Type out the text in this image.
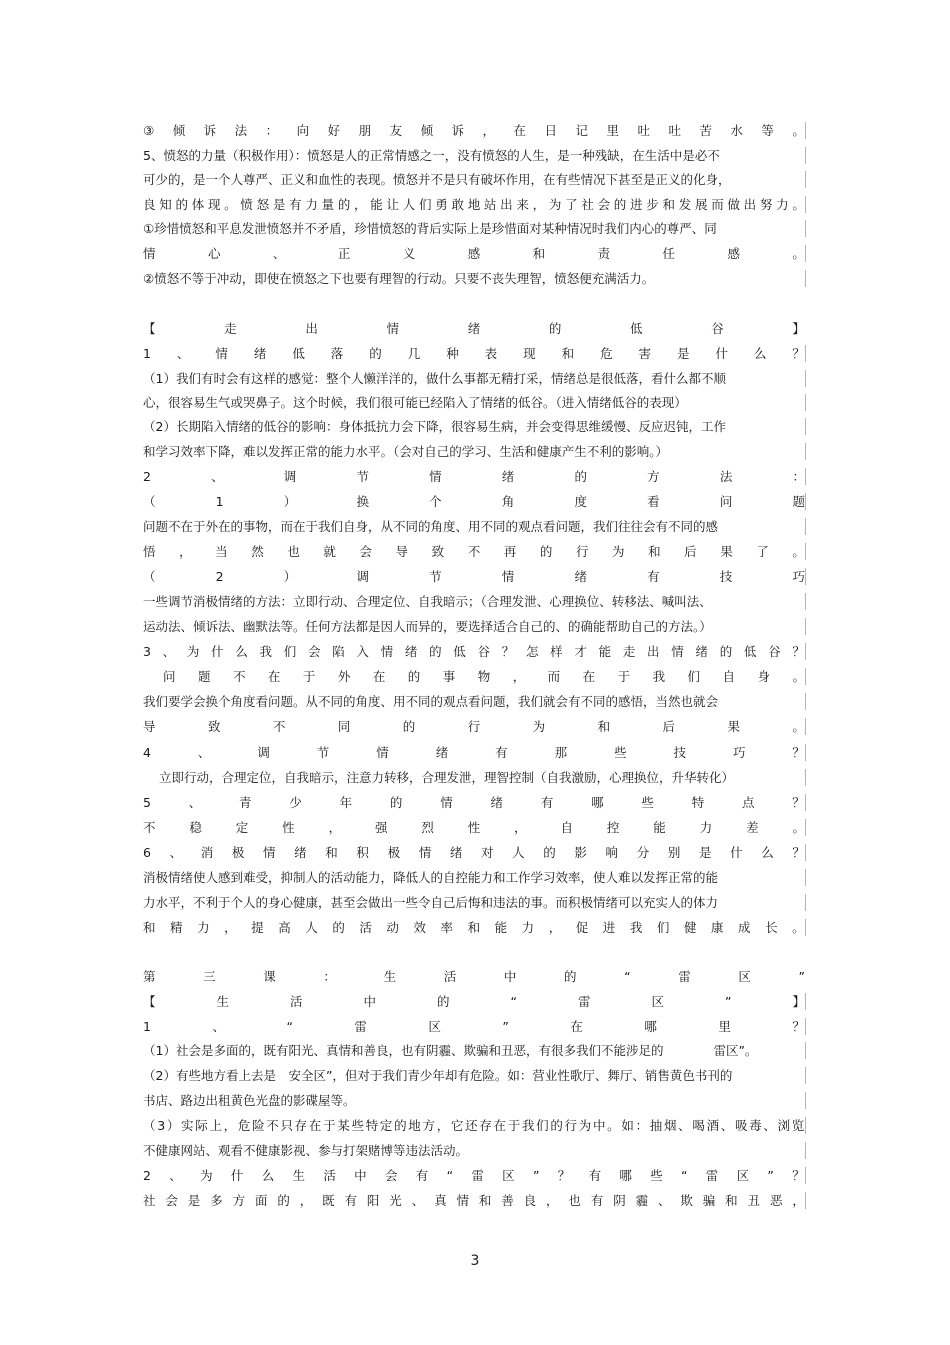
③ 倾 诉 法 ： 向 好 朋 友 倾 诉 ， 在 日 记 里 吐 吐 苦 水 等 。
5、愤怒的力量（积极作用）：愤怒是人的正常情感之一，没有愤怒的人生，是一种残缺，在生活中是必不
可少的，是一个人尊严、正义和血性的表现。愤怒并不是只有破坏作用，在有些情况下甚至是正义的化身，
良 知 的 体 现 。 愤 怒 是 有 力 量 的 ， 能 让 人 们 勇 敢 地 站 出 来 ， 为 了 社 会 的 进 步 和 发 展 而 做 出 努 力 。
①珍惜愤怒和平息发泄愤怒并不矛盾，珍惜愤怒的背后实际上是珍惜面对某种情况时我们内心的尊严、同
情	心	、	正	义	感	和	责	任	感	。
②愤怒不等于冲动，即使在愤怒之下也要有理智的行动。只要不丧失理智，愤怒便充满活力。
【	走	出	情	绪	的	低	谷	】
1 、 情 绪 低 落 的 几 种 表 现 和 危 害 是 什 么 ？
（1）我们有时会有这样的感觉：整个人懒洋洋的，做什么事都无精打采，情绪总是很低落，看什么都不顺
心，很容易生气或哭鼻子。这个时候，我们很可能已经陷入了情绪的低谷。（进入情绪低谷的表现）
（2）长期陷入情绪的低谷的影响：身体抵抗力会下降，很容易生病，并会变得思维缓慢、反应迟钝，工作
和学习效率下降，难以发挥正常的能力水平。（会对自己的学习、生活和健康产生不利的影响。）
2	、	调	节	情	绪	的	方	法	：
（	1	）	换	个	角	度	看	问	题
问题不在于外在的事物，而在于我们自身，从不同的角度、用不同的观点看问题，我们往往会有不同的感
悟 ， 当 然 也 就 会 导 致 不 再 的 行 为 和 后 果 了 。
（	2	）	调	节	情	绪	有	技	巧
一些调节消极情绪的方法：立即行动、合理定位、自我暗示；（合理发泄、心理换位、转移法、喊叫法、
运动法、倾诉法、幽默法等。任何方法都是因人而异的，要选择适合自己的、的确能帮助自己的方法。）
3 、 为 什 么 我 们 会 陷 入 情 绪 的 低 谷 ？ 怎 样 才 能 走 出 情 绪 的 低 谷 ？
问 题 不 在 于 外 在 的 事 物 ， 而 在 于 我 们 自 身 。
我们要学会换个角度看问题。从不同的角度、用不同的观点看问题，我们就会有不同的感悟，当然也就会
导	致	不	同	的	行	为	和	后	果	。
4	、	调	节	情	绪	有	那	些	技	巧	？
立即行动，合理定位，自我暗示，注意力转移，合理发泄，理智控制（自我激励，心理换位，升华转化）
5	、	青	少	年	的	情	绪	有	哪	些	特	点	？
不	稳	定	性	，	强	烈	性	，	自	控	能	力	差	。
6 、 消 极 情 绪 和 积 极 情 绪 对 人 的 影 响 分 别 是 什 么 ？
消极情绪使人感到难受，抑制人的活动能力，降低人的自控能力和工作学习效率，使人难以发挥正常的能
力水平，不利于个人的身心健康，甚至会做出一些令自己后悔和违法的事。而积极情绪可以充实人的体力
和 精 力 ， 提 高 人 的 活 动 效 率 和 能 力 ， 促 进 我 们 健 康 成 长 。
第	三	课	：	生	活	中	的	“	雷	区	”
【	生	活	中	的	“	雷	区	”	】
1	、	“	雷	区	”	在	哪	里	？
（1）社会是多面的，既有阳光、真情和善良，也有阴霾、欺骗和丑恶，有很多我们不能涉足的　　　　雷区”。
（2）有些地方看上去是　安全区”，但对于我们青少年却有危险。如：营业性歌厅、舞厅、销售黄色书刊的
书店、路边出租黄色光盘的影碟屋等。
（ 3 ） 实 际 上 ， 危 险 不 只 存 在 于 某 些 特 定 的 地 方 ， 它 还 存 在 于 我 们 的 行 为 中 。 如 ： 抽 烟 、 喝 酒 、 吸 毒 、 浏 览
不健康网站、观看不健康影视、参与打架赌博等违法活动。
2 、 为 什 么 生 活 中 会 有 “ 雷 区 ” ？ 有 哪 些 “ 雷 区 ” ？
社 会 是 多 方 面 的 ， 既 有 阳 光 、 真 情 和 善 良 ， 也 有 阴 霾 、 欺 骗 和 丑 恶 ，
3
